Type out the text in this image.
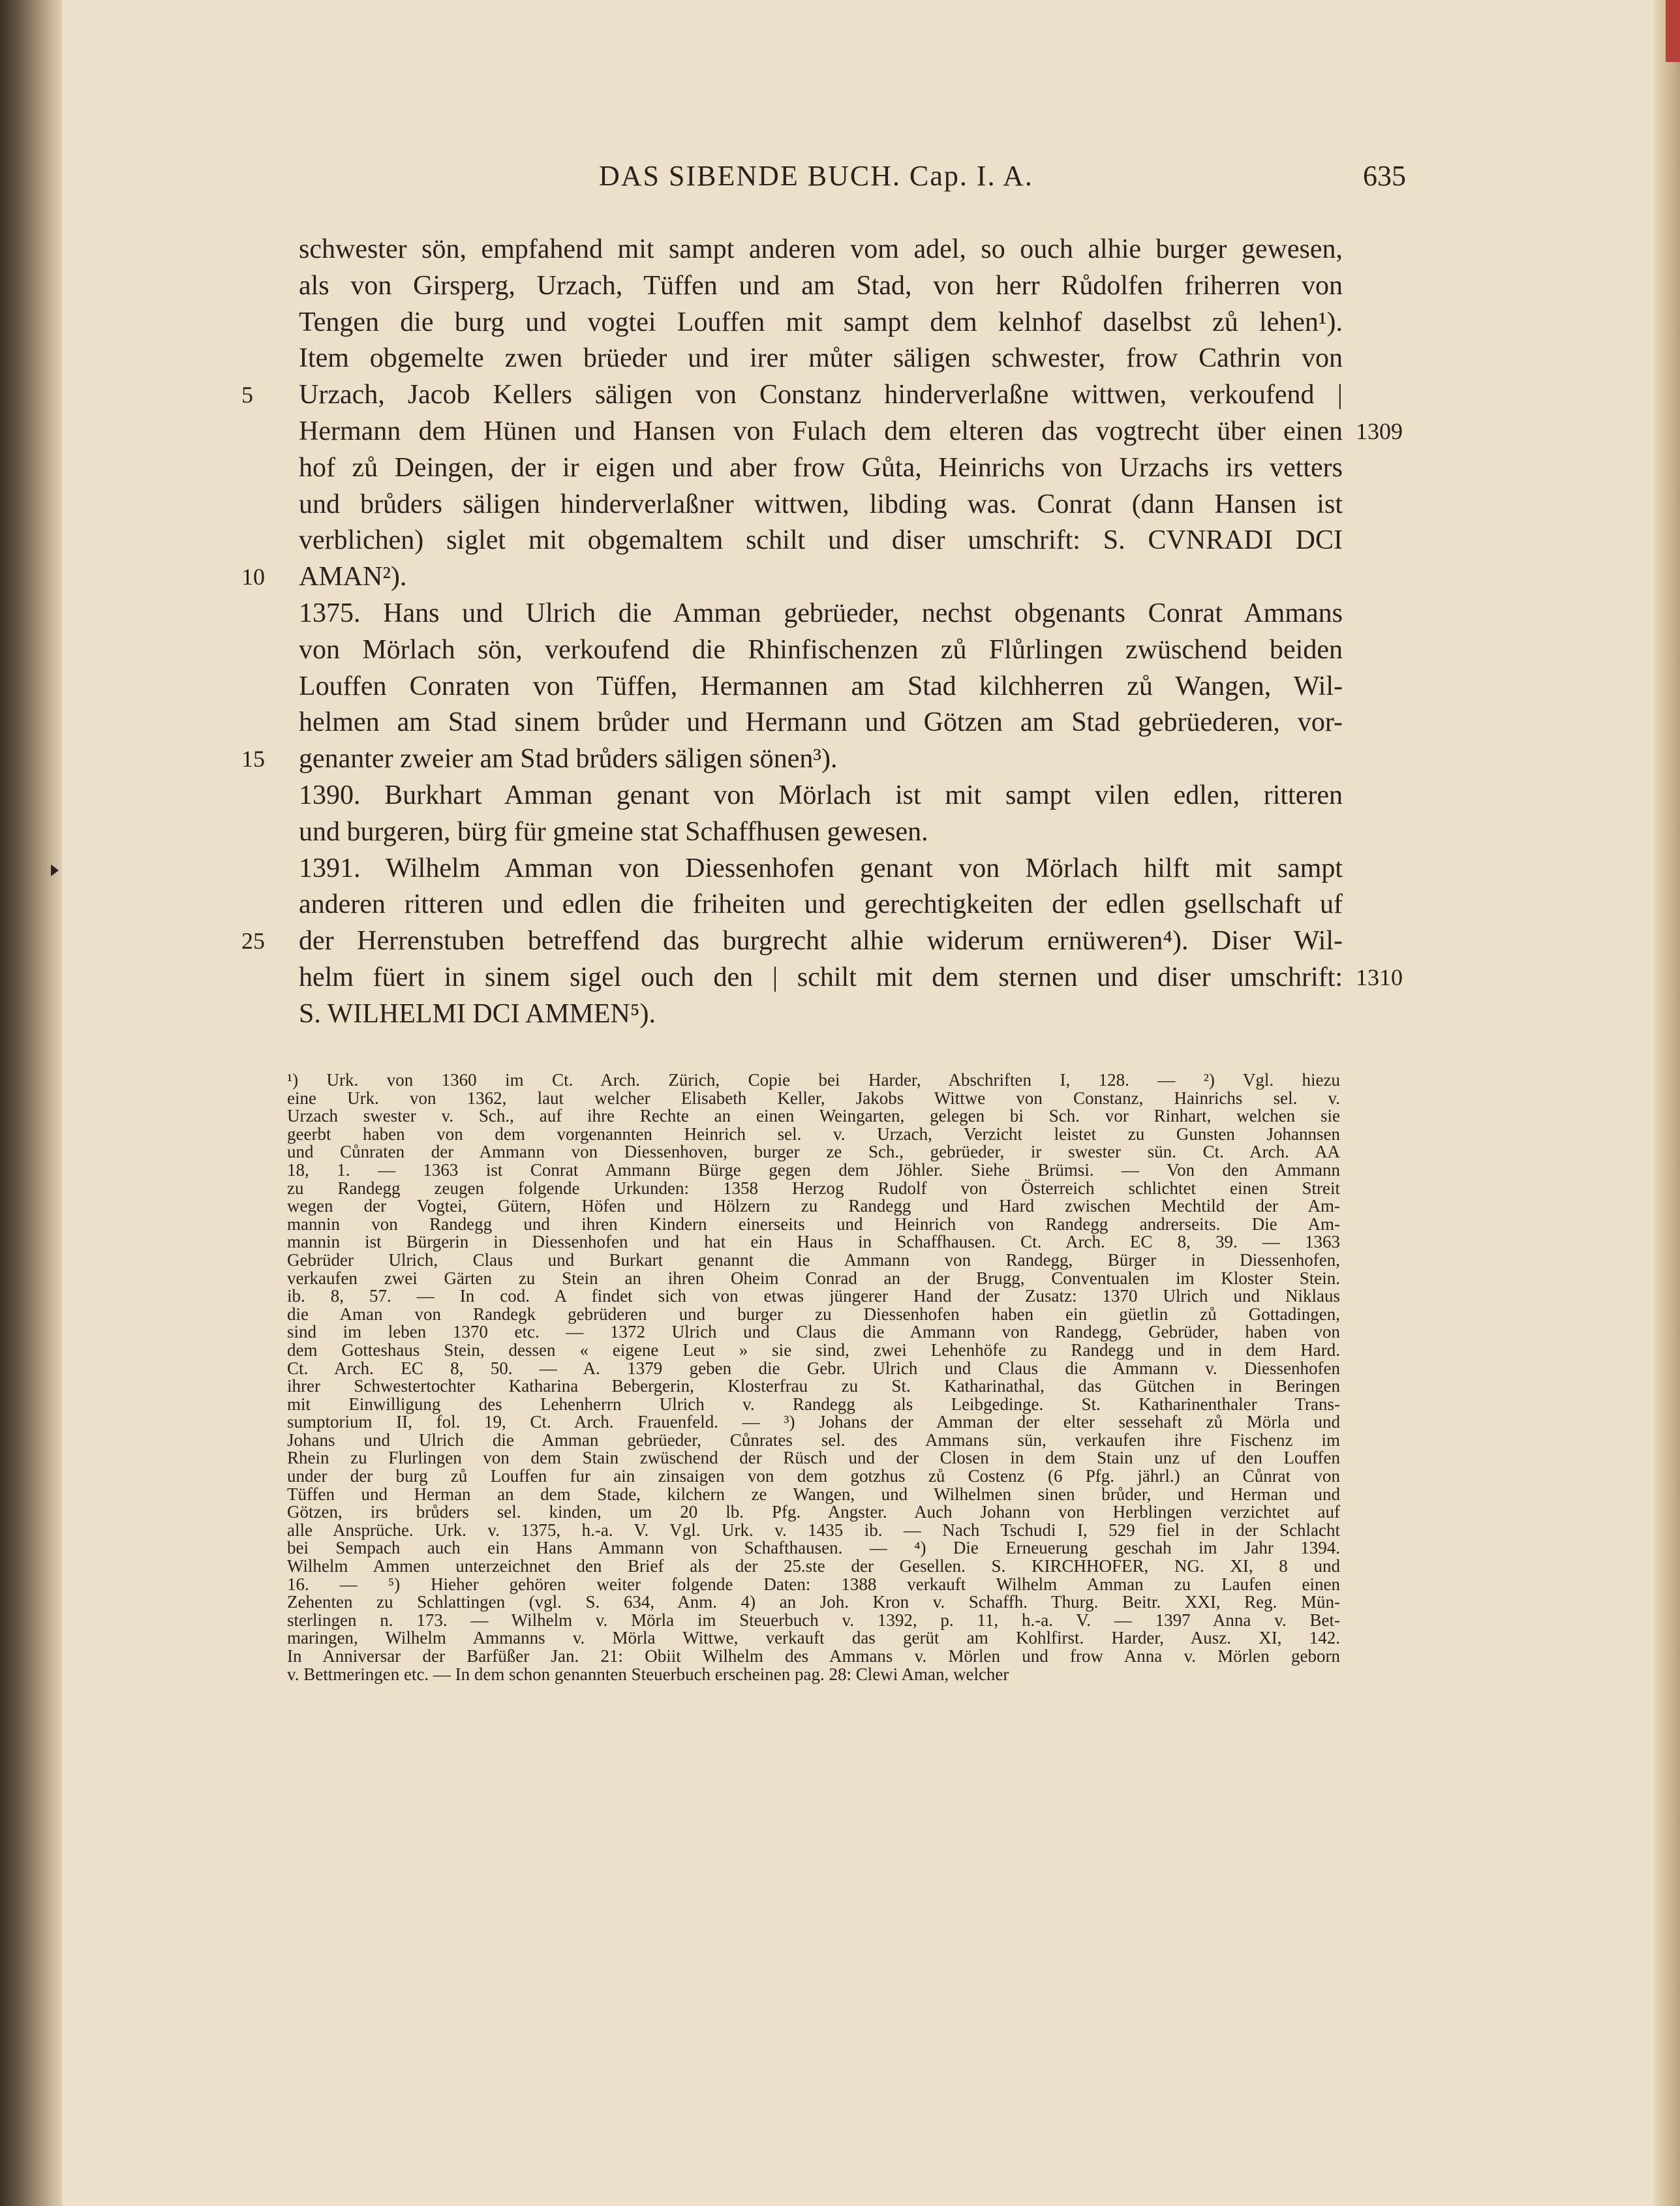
DAS SIBENDE BUCH. Cap. I. A.	635
schwester sön, empfahend mit sampt anderen vom adel, so ouch alhie burger gewesen,
als von Girsperg, Urzach, Tüffen und am Stad, von herr Růdolfen friherren von
Tengen die burg und vogtei Louffen mit sampt dem kelnhof daselbst zů lehen¹).
Item obgemelte zwen brüeder und irer můter säligen schwester, frow Cathrin von
Urzach, Jacob Kellers säligen von Constanz hinderverlaßne wittwen, verkoufend |
5
Hermann dem Hünen und Hansen von Fulach dem elteren das vogtrecht über einen 1309
hof zů Deingen, der ir eigen und aber frow Gůta, Heinrichs von Urzachs irs vetters
und brůders säligen hinderverlaßner wittwen, libding was. Conrat (dann Hansen ist
verblichen) siglet mit obgemaltem schilt und diser umschrift: S. CVNRADI DCI
AMAN²).
10
1375. Hans und Ulrich die Amman gebrüeder, nechst obgenants Conrat Ammans
von Mörlach sön, verkoufend die Rhinfischenzen zů Flůrlingen zwüschend beiden
Louffen Conraten von Tüffen, Hermannen am Stad kilchherren zů Wangen, Wil-
helmen am Stad sinem brůder und Hermann und Götzen am Stad gebrüederen, vor-
genanter zweier am Stad brůders säligen sönen³).
15
1390. Burkhart Amman genant von Mörlach ist mit sampt vilen edlen, ritteren
und burgeren, bürg für gmeine stat Schaffhusen gewesen.
1391. Wilhelm Amman von Diessenhofen genant von Mörlach hilft mit sampt
anderen ritteren und edlen die friheiten und gerechtigkeiten der edlen gsellschaft uf
der Herrenstuben betreffend das burgrecht alhie widerum ernüweren⁴). Diser Wil-
25
helm füert in sinem sigel ouch den | schilt mit dem sternen und diser umschrift: 1310
S. WILHELMI DCI AMMEN⁵).
¹) Urk. von 1360 im Ct. Arch. Zürich, Copie bei Harder, Abschriften I, 128. — ²) Vgl. hiezu
eine Urk. von 1362, laut welcher Elisabeth Keller, Jakobs Wittwe von Constanz, Hainrichs sel. v.
Urzach swester v. Sch., auf ihre Rechte an einen Weingarten, gelegen bi Sch. vor Rinhart, welchen sie
geerbt haben von dem vorgenannten Heinrich sel. v. Urzach, Verzicht leistet zu Gunsten Johannsen
und Cůnraten der Ammann von Diessenhoven, burger ze Sch., gebrüeder, ir swester sün. Ct. Arch. AA
18, 1. — 1363 ist Conrat Ammann Bürge gegen dem Jöhler. Siehe Brümsi. — Von den Ammann
zu Randegg zeugen folgende Urkunden: 1358 Herzog Rudolf von Österreich schlichtet einen Streit
wegen der Vogtei, Gütern, Höfen und Hölzern zu Randegg und Hard zwischen Mechtild der Am-
mannin von Randegg und ihren Kindern einerseits und Heinrich von Randegg andrerseits. Die Am-
mannin ist Bürgerin in Diessenhofen und hat ein Haus in Schaffhausen. Ct. Arch. EC 8, 39. — 1363
Gebrüder Ulrich, Claus und Burkart genannt die Ammann von Randegg, Bürger in Diessenhofen,
verkaufen zwei Gärten zu Stein an ihren Oheim Conrad an der Brugg, Conventualen im Kloster Stein.
ib. 8, 57. — In cod. A findet sich von etwas jüngerer Hand der Zusatz: 1370 Ulrich und Niklaus
die Aman von Randegk gebrüderen und burger zu Diessenhofen haben ein güetlin zů Gottadingen,
sind im leben 1370 etc. — 1372 Ulrich und Claus die Ammann von Randegg, Gebrüder, haben von
dem Gotteshaus Stein, dessen « eigene Leut » sie sind, zwei Lehenhöfe zu Randegg und in dem Hard.
Ct. Arch. EC 8, 50. — A. 1379 geben die Gebr. Ulrich und Claus die Ammann v. Diessenhofen
ihrer Schwestertochter Katharina Bebergerin, Klosterfrau zu St. Katharinathal, das Gütchen in Beringen
mit Einwilligung des Lehenherrn Ulrich v. Randegg als Leibgedinge. St. Katharinenthaler Trans-
sumptorium II, fol. 19, Ct. Arch. Frauenfeld. — ³) Johans der Amman der elter sessehaft zů Mörla und
Johans und Ulrich die Amman gebrüeder, Cůnrates sel. des Ammans sün, verkaufen ihre Fischenz im
Rhein zu Flurlingen von dem Stain zwüschend der Rüsch und der Closen in dem Stain unz uf den Louffen
under der burg zů Louffen fur ain zinsaigen von dem gotzhus zů Costenz (6 Pfg. jährl.) an Cůnrat von
Tüffen und Herman an dem Stade, kilchern ze Wangen, und Wilhelmen sinen brůder, und Herman und
Götzen, irs brůders sel. kinden, um 20 lb. Pfg. Angster. Auch Johann von Herblingen verzichtet auf
alle Ansprüche. Urk. v. 1375, h.-a. V. Vgl. Urk. v. 1435 ib. — Nach Tschudi I, 529 fiel in der Schlacht
bei Sempach auch ein Hans Ammann von Schafthausen. — ⁴) Die Erneuerung geschah im Jahr 1394.
Wilhelm Ammen unterzeichnet den Brief als der 25.ste der Gesellen. S. KIRCHHOFER, NG. XI, 8 und
16. — ⁵) Hieher gehören weiter folgende Daten: 1388 verkauft Wilhelm Amman zu Laufen einen
Zehenten zu Schlattingen (vgl. S. 634, Anm. 4) an Joh. Kron v. Schaffh. Thurg. Beitr. XXI, Reg. Mün-
sterlingen n. 173. — Wilhelm v. Mörla im Steuerbuch v. 1392, p. 11, h.-a. V. — 1397 Anna v. Bet-
maringen, Wilhelm Ammanns v. Mörla Wittwe, verkauft das gerüt am Kohlfirst. Harder, Ausz. XI, 142.
In Anniversar der Barfüßer Jan. 21: Obiit Wilhelm des Ammans v. Mörlen und frow Anna v. Mörlen geborn
v. Bettmeringen etc. — In dem schon genannten Steuerbuch erscheinen pag. 28: Clewi Aman, welcher
